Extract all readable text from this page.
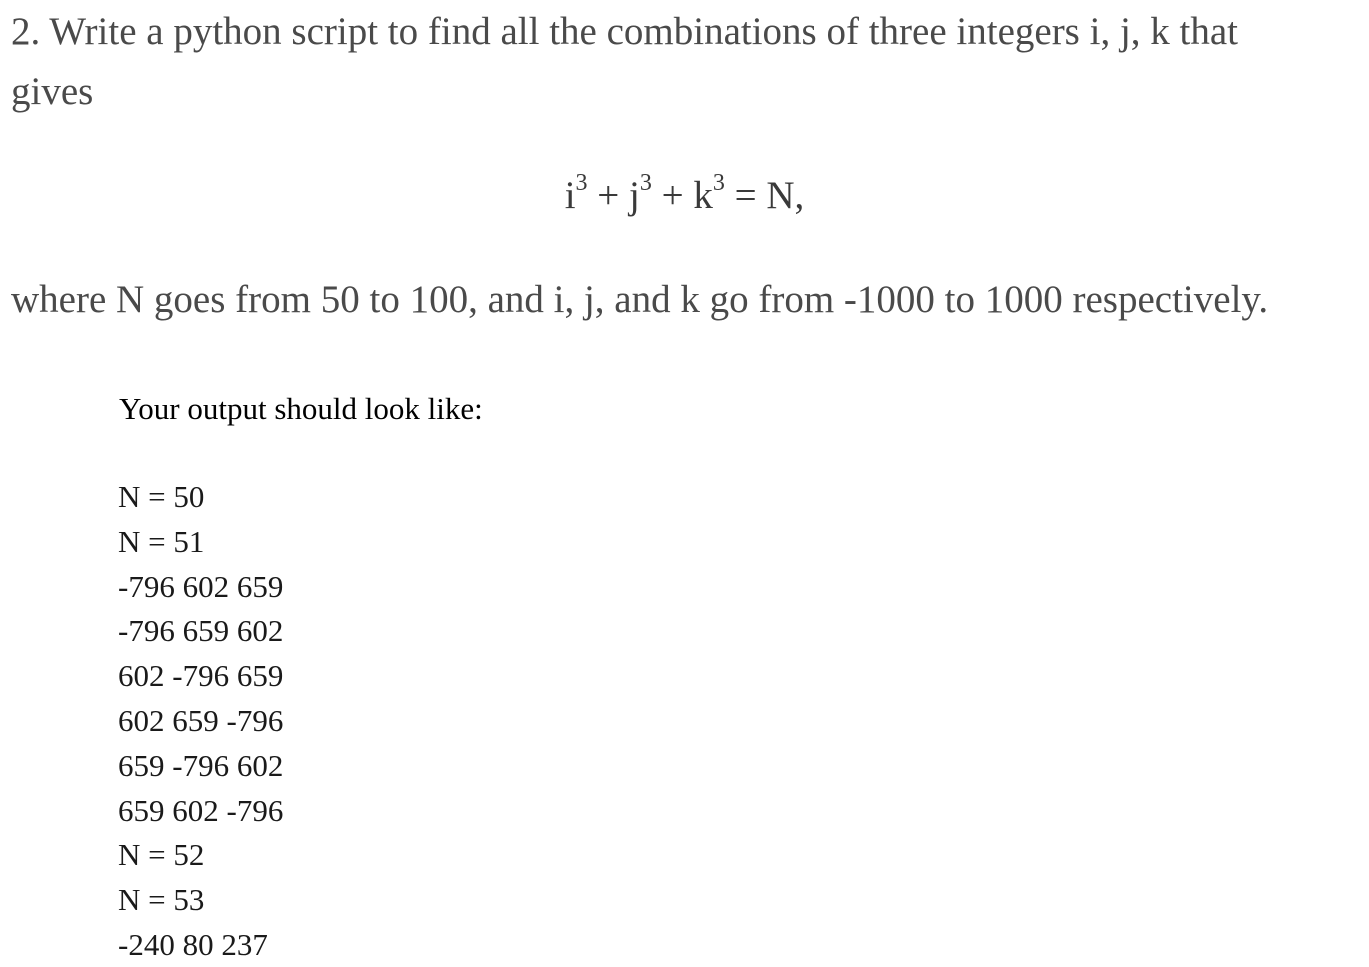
2. Write a python script to find all the combinations of three integers i, j, k that

gives

$i^3 + j^3 + k^3 = N$,

where N goes from 50 to 100, and i, j, and k go from -1000 to 1000 respectively.

Your output should look like:

N = 50
N = 51
-796 602 659
-796 659 602
602 -796 659
602 659 -796
659 -796 602
659 602 -796
N = 52
N = 53
-240 80 237
